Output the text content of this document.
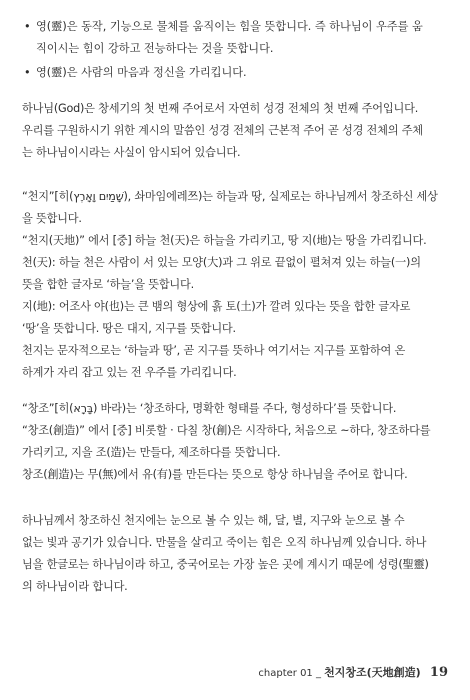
• 영(靈)은 동작, 기능으로 물체를 움직이는 힘을 뜻합니다. 즉 하나님이 우주를 움
직이시는 힘이 강하고 전능하다는 것을 뜻합니다.
• 영(靈)은 사람의 마음과 정신을 가리킵니다.
하나님(God)은 창세기의 첫 번째 주어로서 자연히 성경 전체의 첫 번째 주어입니다.
우리를 구원하시기 위한 계시의 말씀인 성경 전체의 근본적 주어 곧 성경 전체의 주체
는 하나님이시라는 사실이 암시되어 있습니다.
“천지”[히(שָׁמַיִם וָאָרֶץ), 솨마임에레쯔)는 하늘과 땅, 실제로는 하나님께서 창조하신 세상
을 뜻합니다.
“천지(天地)” 에서 [중] 하늘 천(天)은 하늘을 가리키고, 땅 지(地)는 땅을 가리킵니다.
천(天): 하늘 천은 사람이 서 있는 모양(大)과 그 위로 끝없이 펼쳐져 있는 하늘(一)의
뜻을 합한 글자로 ‘하늘’을 뜻합니다.
지(地): 어조사 야(也)는 큰 뱀의 형상에 흙 토(土)가 깔려 있다는 뜻을 합한 글자로
‘땅’을 뜻합니다. 땅은 대지, 지구를 뜻합니다.
천지는 문자적으로는 ‘하늘과 땅’, 곧 지구를 뜻하나 여기서는 지구를 포함하여 온
하계가 자리 잡고 있는 전 우주를 가리킵니다.
“창조”[히(בָּרָא) 바라)는 ‘창조하다, 명확한 형태를 주다, 형성하다’를 뜻합니다.
“창조(創造)” 에서 [중] 비롯할 · 다칠 창(創)은 시작하다, 처음으로 ~하다, 창조하다를
가리키고, 지을 조(造)는 만들다, 제조하다를 뜻합니다.
창조(創造)는 무(無)에서 유(有)를 만든다는 뜻으로 항상 하나님을 주어로 합니다.
하나님께서 창조하신 천지에는 눈으로 볼 수 있는 해, 달, 별, 지구와 눈으로 볼 수
없는 빛과 공기가 있습니다. 만물을 살리고 죽이는 힘은 오직 하나님께 있습니다. 하나
님을 한글로는 하나님이라 하고, 중국어로는 가장 높은 곳에 계시기 때문에 성령(聖靈)
의 하나님이라 합니다.
chapter 01 _ 천지창조(天地創造) 19
